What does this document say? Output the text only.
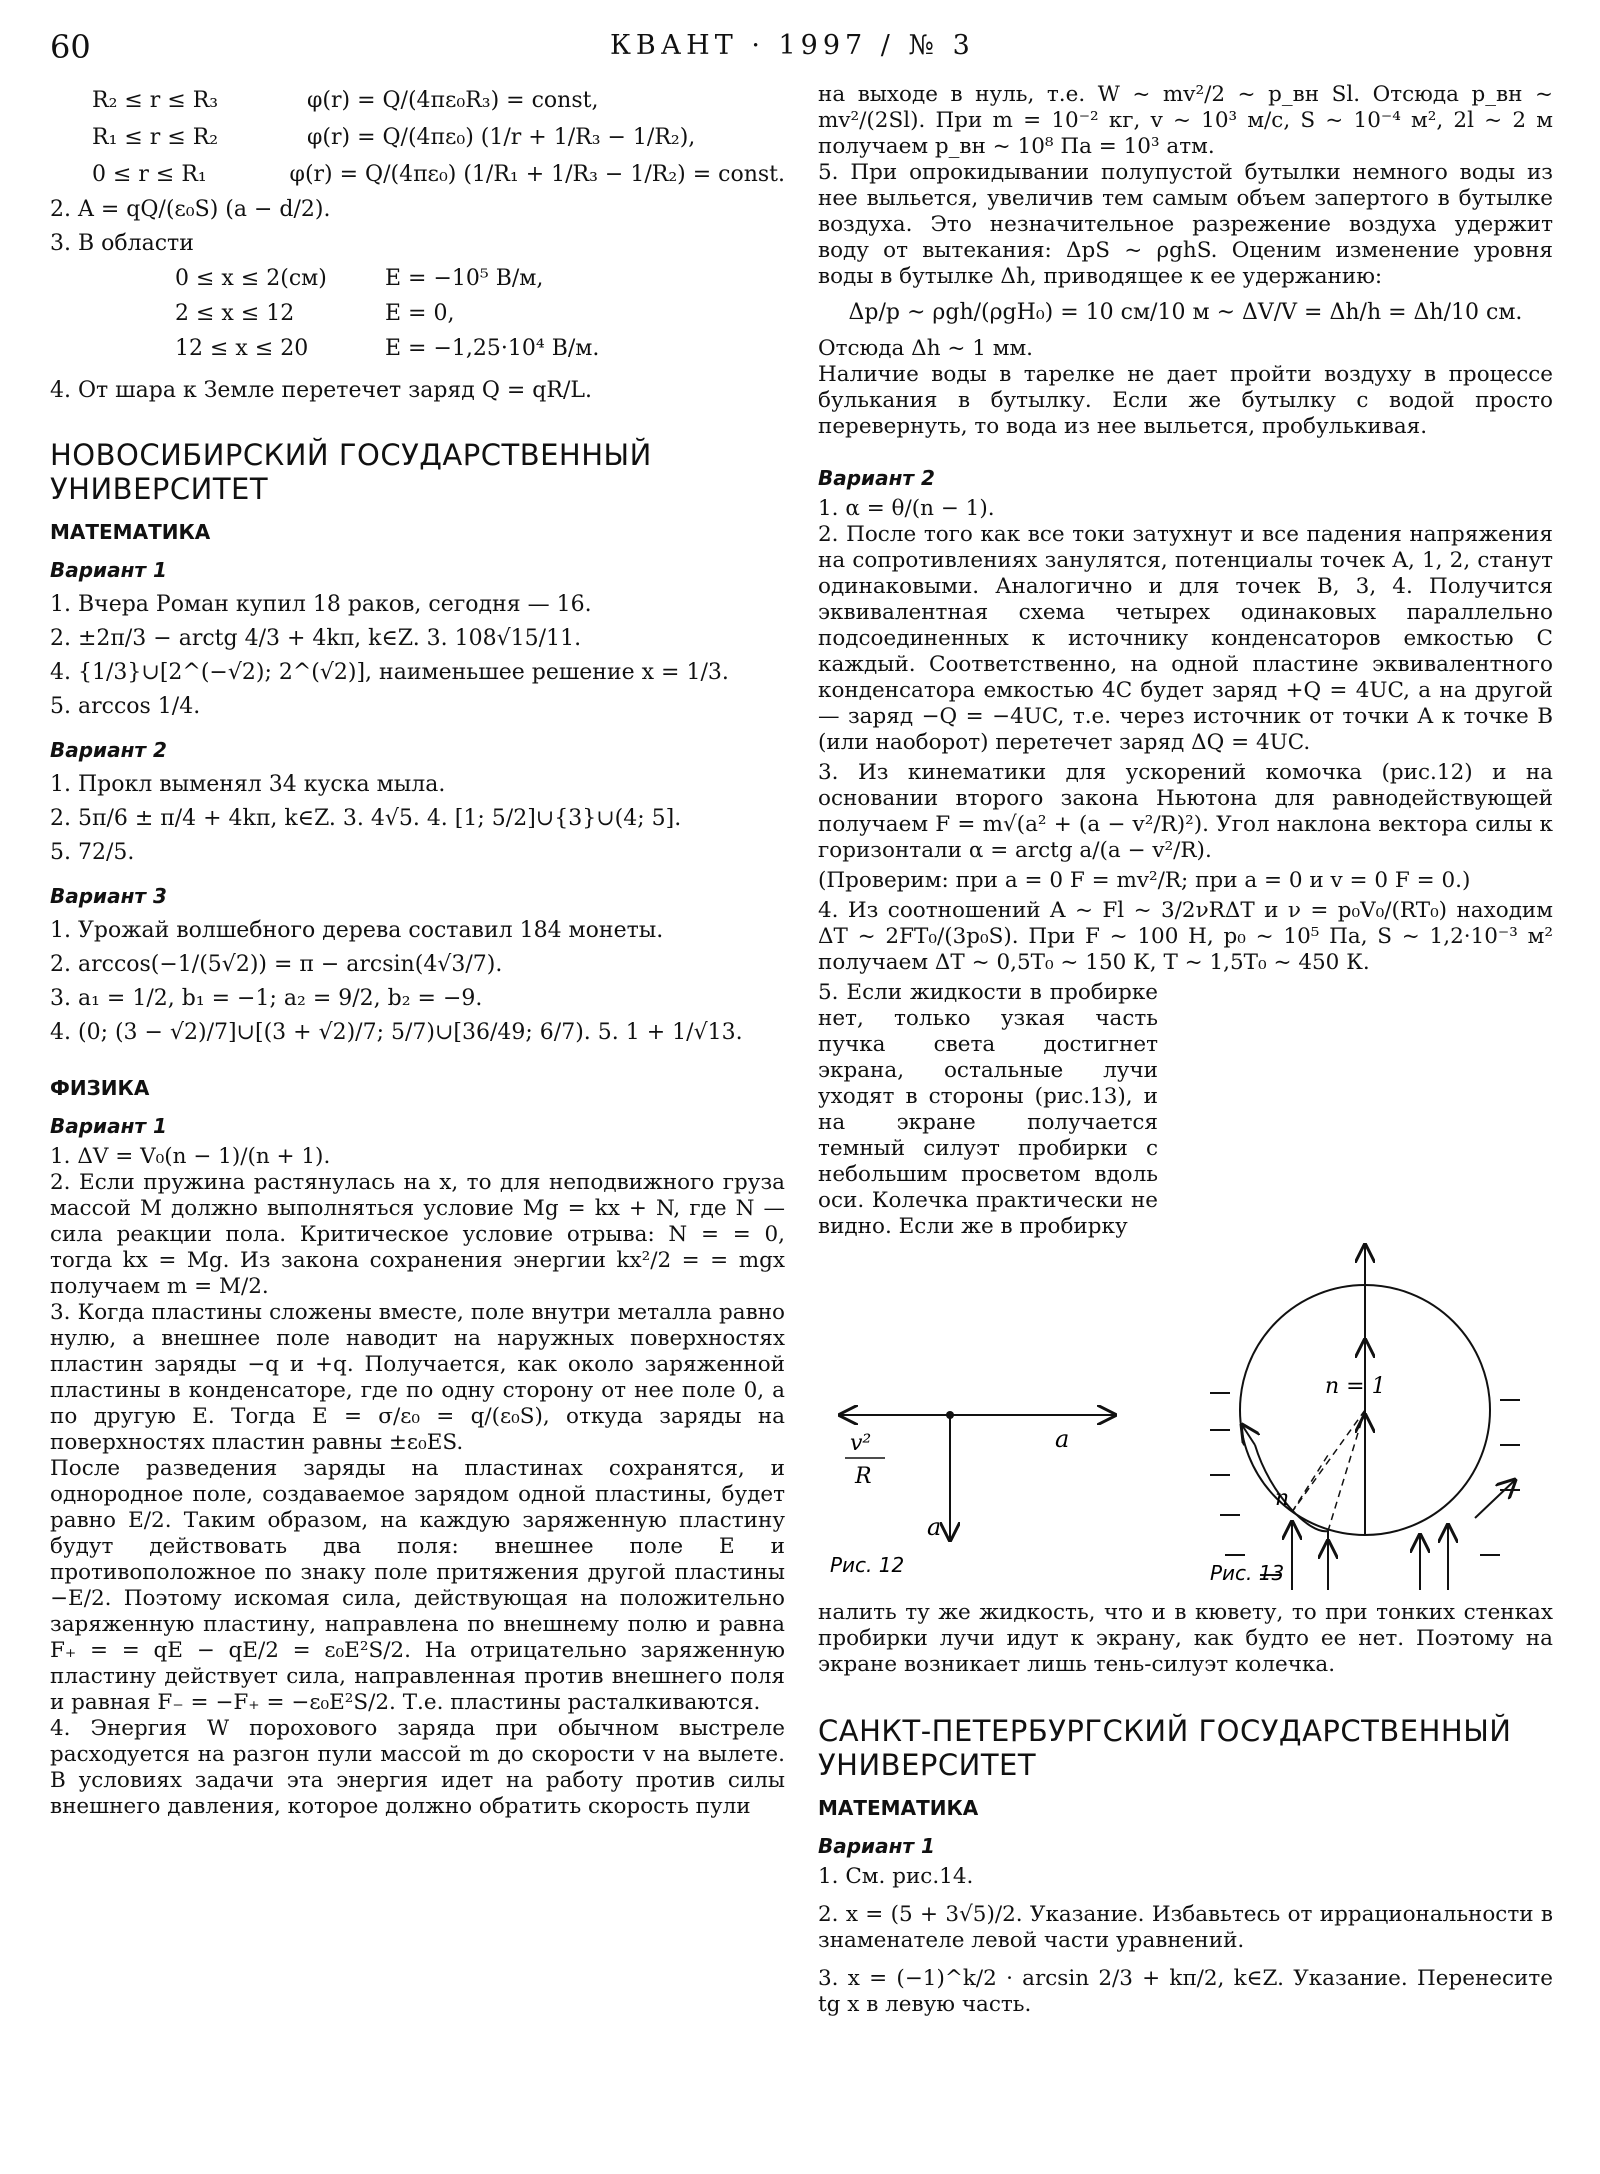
60	КВАНТ · 1997 / № 3
R₂ ≤ r ≤ R₃	φ(r) = Q/(4πε₀R₃) = const,
R₁ ≤ r ≤ R₂	φ(r) = Q/(4πε₀) (1/r + 1/R₃ − 1/R₂),
0 ≤ r ≤ R₁	φ(r) = Q/(4πε₀) (1/R₁ + 1/R₃ − 1/R₂) = const.

2. A = qQ/(ε₀S) (a − d/2).

3. В области

0 ≤ x ≤ 2(см)	E = −10⁵ В/м,
2 ≤ x ≤ 12	E = 0,
12 ≤ x ≤ 20	E = −1,25·10⁴ В/м.

4. От шара к Земле перетечет заряд Q = qR/L.

НОВОСИБИРСКИЙ ГОСУДАРСТВЕННЫЙ УНИВЕРСИТЕТ
МАТЕМАТИКА
Вариант 1

1. Вчера Роман купил 18 раков, сегодня — 16.

2. ±2π/3 − arctg 4/3 + 4kπ, k∈Z. 3. 108√15/11.

4. {1/3}∪[2^(−√2); 2^(√2)], наименьшее решение x = 1/3.

5. arccos 1/4.

Вариант 2

1. Прокл выменял 34 куска мыла.

2. 5π/6 ± π/4 + 4kπ, k∈Z. 3. 4√5. 4. [1; 5/2]∪{3}∪(4; 5].

5. 72/5.

Вариант 3

1. Урожай волшебного дерева составил 184 монеты.

2. arccos(−1/(5√2)) = π − arcsin(4√3/7).

3. a₁ = 1/2, b₁ = −1; a₂ = 9/2, b₂ = −9.

4. (0; (3 − √2)/7]∪[(3 + √2)/7; 5/7)∪[36/49; 6/7). 5. 1 + 1/√13.

ФИЗИКА
Вариант 1

1. ΔV = V₀(n − 1)/(n + 1).

2. Если пружина растянулась на x, то для неподвижного груза массой M должно выполняться условие Mg = kx + N, где N — сила реакции пола. Критическое условие отрыва: N = = 0, тогда kx = Mg. Из закона сохранения энергии kx²/2 = = mgx получаем m = M/2.

3. Когда пластины сложены вместе, поле внутри металла равно нулю, а внешнее поле наводит на наружных поверхностях пластин заряды −q и +q. Получается, как около заряженной пластины в конденсаторе, где по одну сторону от нее поле 0, а по другую E. Тогда E = σ/ε₀ = q/(ε₀S), откуда заряды на поверхностях пластин равны ±ε₀ES.

После разведения заряды на пластинах сохранятся, и однородное поле, создаваемое зарядом одной пластины, будет равно E/2. Таким образом, на каждую заряженную пластину будут действовать два поля: внешнее поле E и противоположное по знаку поле притяжения другой пластины −E/2. Поэтому искомая сила, действующая на положительно заряженную пластину, направлена по внешнему полю и равна F₊ = = qE − qE/2 = ε₀E²S/2. На отрицательно заряженную пластину действует сила, направленная против внешнего поля и равная F₋ = −F₊ = −ε₀E²S/2. Т.е. пластины расталкиваются.

4. Энергия W порохового заряда при обычном выстреле расходуется на разгон пули массой m до скорости v на вылете. В условиях задачи эта энергия идет на работу против силы внешнего давления, которое должно обратить скорость пули

на выходе в нуль, т.е. W ~ mv²/2 ~ p_вн Sl. Отсюда p_вн ~ mv²/(2Sl). При m = 10⁻² кг, v ~ 10³ м/с, S ~ 10⁻⁴ м², 2l ~ 2 м получаем p_вн ~ 10⁸ Па = 10³ атм.

5. При опрокидывании полупустой бутылки немного воды из нее выльется, увеличив тем самым объем запертого в бутылке воздуха. Это незначительное разрежение воздуха удержит воду от вытекания: ΔpS ~ ρghS. Оценим изменение уровня воды в бутылке Δh, приводящее к ее удержанию:

Δp/p ~ ρgh/(ρgH₀) = 10 см/10 м ~ ΔV/V = Δh/h = Δh/10 см.

Отсюда Δh ~ 1 мм.

Наличие воды в тарелке не дает пройти воздуху в процессе булькания в бутылку. Если же бутылку с водой просто перевернуть, то вода из нее выльется, пробулькивая.

Вариант 2

1. α = θ/(n − 1).

2. После того как все токи затухнут и все падения напряжения на сопротивлениях занулятся, потенциалы точек A, 1, 2, станут одинаковыми. Аналогично и для точек B, 3, 4. Получится эквивалентная схема четырех одинаковых параллельно подсоединенных к источнику конденсаторов емкостью C каждый. Соответственно, на одной пластине эквивалентного конденсатора емкостью 4C будет заряд +Q = 4UC, а на другой — заряд −Q = −4UC, т.е. через источник от точки A к точке B (или наоборот) перетечет заряд ΔQ = 4UC.

3. Из кинематики для ускорений комочка (рис.12) и на основании второго закона Ньютона для равнодействующей получаем F = m√(a² + (a − v²/R)²). Угол наклона вектора силы к горизонтали α = arctg a/(a − v²/R).

(Проверим: при a = 0 F = mv²/R; при a = 0 и v = 0 F = 0.)

4. Из соотношений A ~ Fl ~ 3/2νRΔT и ν = p₀V₀/(RT₀) находим ΔT ~ 2FT₀/(3p₀S). При F ~ 100 Н, p₀ ~ 10⁵ Па, S ~ 1,2·10⁻³ м² получаем ΔT ~ 0,5T₀ ~ 150 К, T ~ 1,5T₀ ~ 450 К.

5. Если жидкости в пробирке нет, только узкая часть пучка света достигнет экрана, остальные лучи уходят в стороны (рис.13), и на экране получается темный силуэт пробирки с небольшим просветом вдоль оси. Колечка практически не видно. Если же в пробирку

v²
R
a
a
Рис. 12
n = 1
n
Рис. 13

налить ту же жидкость, что и в кювету, то при тонких стенках пробирки лучи идут к экрану, как будто ее нет. Поэтому на экране возникает лишь тень-силуэт колечка.

САНКТ-ПЕТЕРБУРГСКИЙ ГОСУДАРСТВЕННЫЙ УНИВЕРСИТЕТ
МАТЕМАТИКА
Вариант 1

1. См. рис.14.

2. x = (5 + 3√5)/2. Указание. Избавьтесь от иррациональности в знаменателе левой части уравнений.

3. x = (−1)^k/2 · arcsin 2/3 + kπ/2, k∈Z. Указание. Перенесите tg x в левую часть.
